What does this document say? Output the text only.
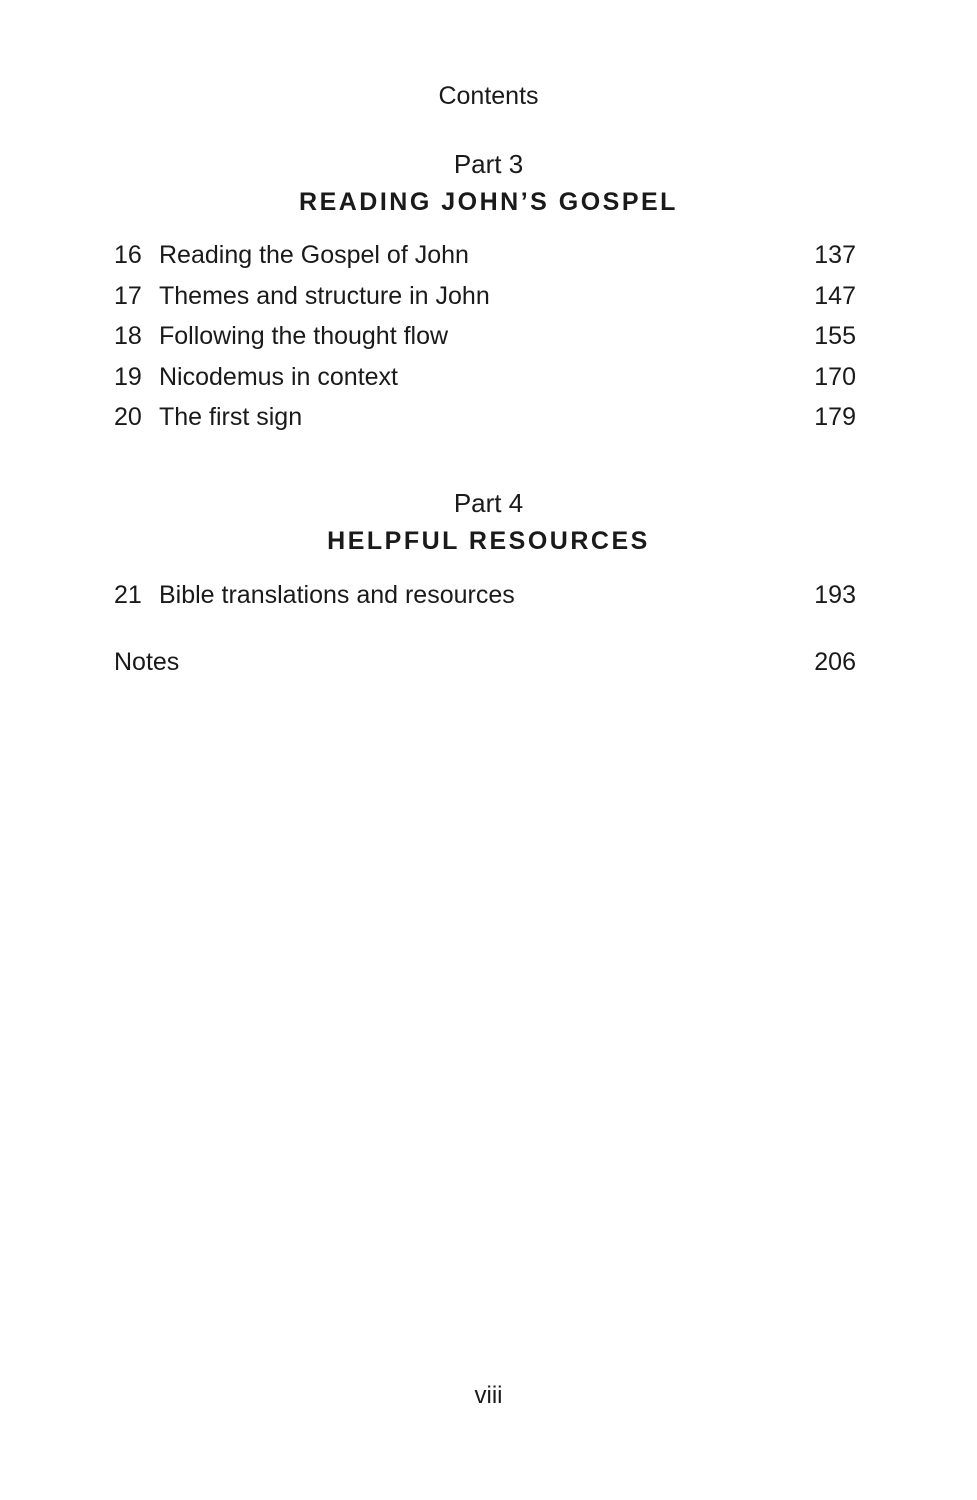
Contents
Part 3
READING JOHN’S GOSPEL
16 Reading the Gospel of John	137
17 Themes and structure in John	147
18 Following the thought flow	155
19 Nicodemus in context	170
20 The first sign	179
Part 4
HELPFUL RESOURCES
21 Bible translations and resources	193
Notes	206
viii
